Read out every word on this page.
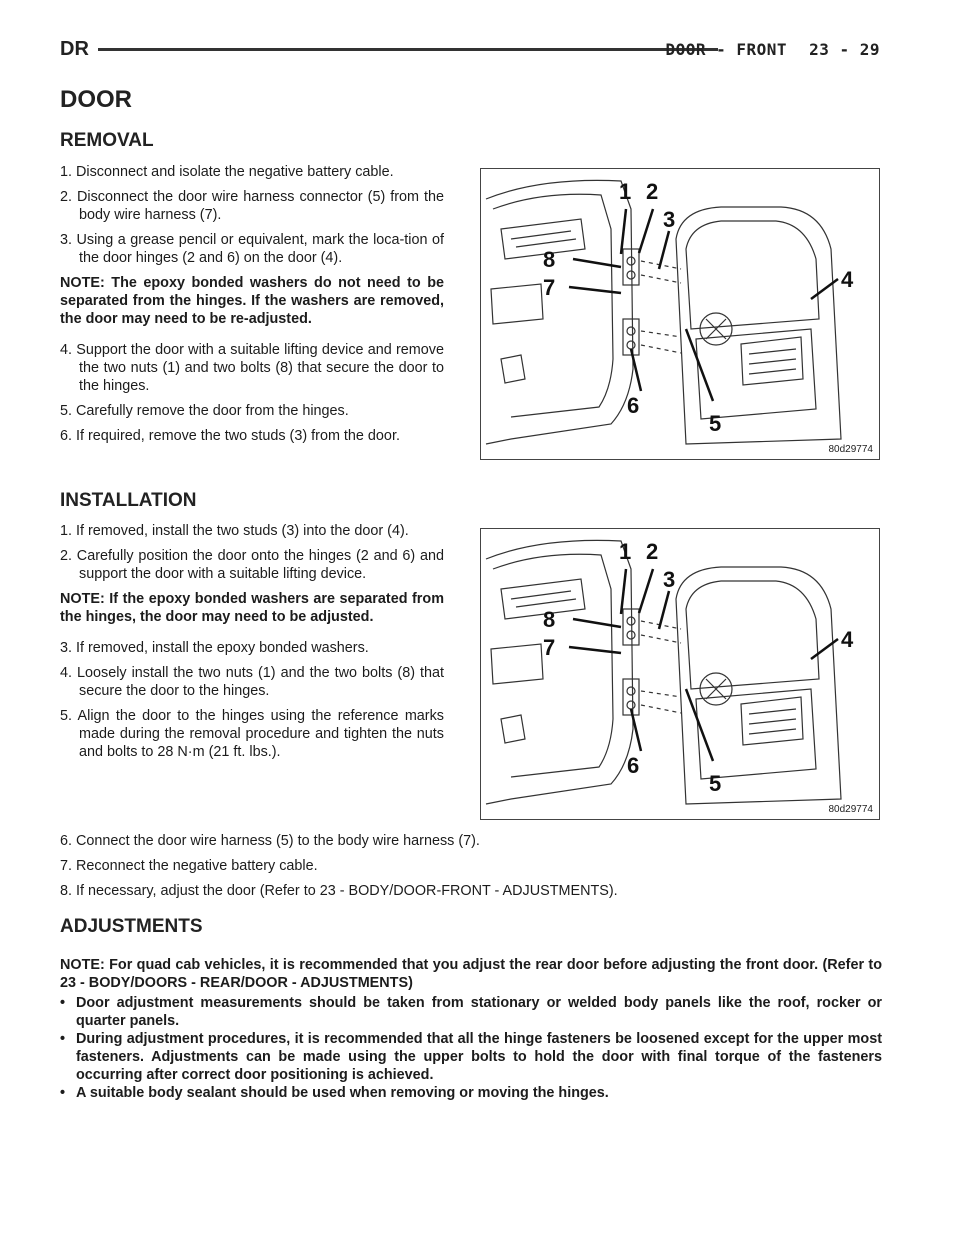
DR	DOOR - FRONT 23 - 29
DOOR
REMOVAL

1. Disconnect and isolate the negative battery cable.

2. Disconnect the door wire harness connector (5) from the body wire harness (7).

3. Using a grease pencil or equivalent, mark the loca-tion of the door hinges (2 and 6) on the door (4).

NOTE: The epoxy bonded washers do not need to be separated from the hinges. If the washers are removed, the door may need to be re-adjusted.

4. Support the door with a suitable lifting device and remove the two nuts (1) and two bolts (8) that secure the door to the hinges.

5. Carefully remove the door from the hinges.

6. If required, remove the two studs (3) from the door.

1 2
3
4
5
6
7
8
80d29774
INSTALLATION

1. If removed, install the two studs (3) into the door (4).

2. Carefully position the door onto the hinges (2 and 6) and support the door with a suitable lifting device.

NOTE: If the epoxy bonded washers are separated from the hinges, the door may need to be adjusted.

3. If removed, install the epoxy bonded washers.

4. Loosely install the two nuts (1) and the two bolts (8) that secure the door to the hinges.

5. Align the door to the hinges using the reference marks made during the removal procedure and tighten the nuts and bolts to 28 N·m (21 ft. lbs.).

1 2
3
4
5
6
7
8
80d29774

6. Connect the door wire harness (5) to the body wire harness (7).

7. Reconnect the negative battery cable.

8. If necessary, adjust the door (Refer to 23 - BODY/DOOR-FRONT - ADJUSTMENTS).

ADJUSTMENTS

NOTE: For quad cab vehicles, it is recommended that you adjust the rear door before adjusting the front door. (Refer to 23 - BODY/DOORS - REAR/DOOR - ADJUSTMENTS)

• Door adjustment measurements should be taken from stationary or welded body panels like the roof, rocker or quarter panels.

• During adjustment procedures, it is recommended that all the hinge fasteners be loosened except for the upper most fasteners. Adjustments can be made using the upper bolts to hold the door with final torque of the fasteners occurring after correct door positioning is achieved.

• A suitable body sealant should be used when removing or moving the hinges.
